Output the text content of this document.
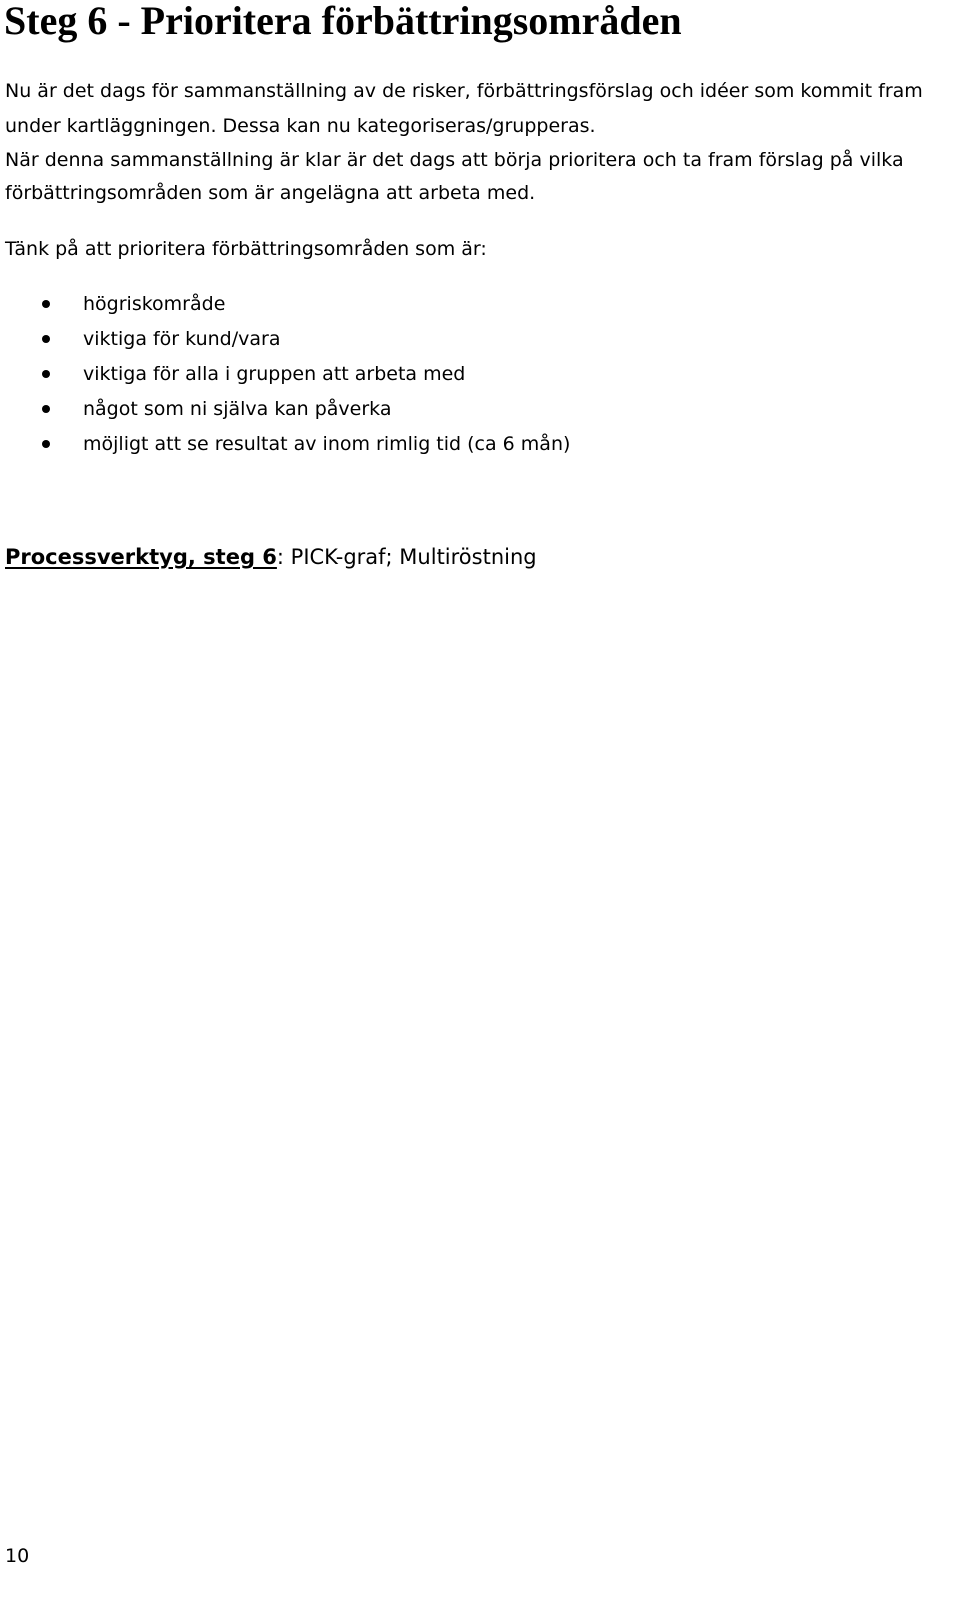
Steg 6 - Prioritera förbättringsområden

Nu är det dags för sammanställning av de risker, förbättringsförslag och idéer som kommit fram

under kartläggningen. Dessa kan nu kategoriseras/grupperas.

När denna sammanställning är klar är det dags att börja prioritera och ta fram förslag på vilka

förbättringsområden som är angelägna att arbeta med.

Tänk på att prioritera förbättringsområden som är:

högriskområde
viktiga för kund/vara
viktiga för alla i gruppen att arbeta med
något som ni själva kan påverka
möjligt att se resultat av inom rimlig tid (ca 6 mån)

Processverktyg, steg 6: PICK-graf; Multiröstning

10
